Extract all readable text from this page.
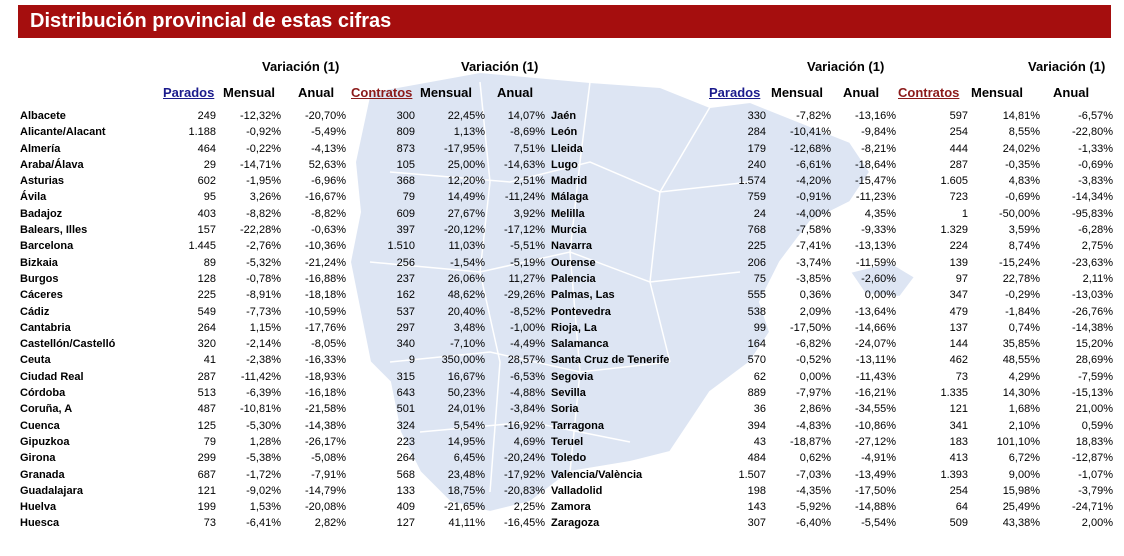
Distribución provincial de estas cifras
Variación (1)	Variación (1)	Variación (1)	Variación (1)
Parados Mensual Anual Contratos Mensual Anual	Parados Mensual Anual Contratos Mensual Anual
Albacete	249 -12,32% -20,70%	300	22,45% 14,07% Jaén	330	-7,82% -13,16%	597	14,81%	-6,57%
Alicante/Alacant	1.188	-0,92%	-5,49%	809	1,13% -8,69% León	284 -10,41%	-9,84%	254	8,55%	-22,80%
Almería	464	-0,22%	-4,13%	873	-17,95%	7,51% Lleida	179 -12,68%	-8,21%	444	24,02%	-1,33%
Araba/Álava	29 -14,71%	52,63%	105	25,00% -14,63% Lugo	240	-6,61% -18,64%	287	-0,35%	-0,69%
Asturias	602	-1,95%	-6,96%	368	12,20%	2,51% Madrid	1.574	-4,20% -15,47%	1.605	4,83%	-3,83%
Ávila	95	3,26% -16,67%	79	14,49% -11,24% Málaga	759	-0,91% -11,23%	723	-0,69%	-14,34%
Badajoz	403	-8,82%	-8,82%	609	27,67%	3,92% Melilla	24	-4,00%	4,35%	1	-50,00%	-95,83%
Balears, Illes	157 -22,28%	-0,63%	397	-20,12% -17,12% Murcia	768	-7,58%	-9,33%	1.329	3,59%	-6,28%
Barcelona	1.445	-2,76% -10,36%	1.510	11,03% -5,51% Navarra	225	-7,41% -13,13%	224	8,74%	2,75%
Bizkaia	89	-5,32% -21,24%	256	-1,54% -5,19% Ourense	206	-3,74% -11,59%	139	-15,24%	-23,63%
Burgos	128	-0,78% -16,88%	237	26,06% 11,27% Palencia	75	-3,85%	-2,60%	97	22,78%	2,11%
Cáceres	225	-8,91% -18,18%	162	48,62% -29,26% Palmas, Las	555	0,36%	0,00%	347	-0,29%	-13,03%
Cádiz	549	-7,73% -10,59%	537	20,40% -8,52% Pontevedra	538	2,09% -13,64%	479	-1,84%	-26,76%
Cantabria	264	1,15% -17,76%	297	3,48% -1,00% Rioja, La	99 -17,50% -14,66%	137	0,74%	-14,38%
Castellón/Castelló	320	-2,14%	-8,05%	340	-7,10% -4,49% Salamanca	164	-6,82% -24,07%	144	35,85%	15,20%
Ceuta	41	-2,38% -16,33%	9 350,00% 28,57% Santa Cruz de Tenerife	570	-0,52% -13,11%	462	48,55%	28,69%
Ciudad Real	287 -11,42% -18,93%	315	16,67% -6,53% Segovia	62	0,00% -11,43%	73	4,29%	-7,59%
Córdoba	513	-6,39% -16,18%	643	50,23% -4,88% Sevilla	889	-7,97% -16,21%	1.335	14,30%	-15,13%
Coruña, A	487 -10,81% -21,58%	501	24,01% -3,84% Soria	36	2,86% -34,55%	121	1,68%	21,00%
Cuenca	125	-5,30% -14,38%	324	5,54% -16,92% Tarragona	394	-4,83% -10,86%	341	2,10%	0,59%
Gipuzkoa	79	1,28% -26,17%	223	14,95%	4,69% Teruel	43 -18,87% -27,12%	183	101,10%	18,83%
Girona	299	-5,38%	-5,08%	264	6,45% -20,24% Toledo	484	0,62%	-4,91%	413	6,72%	-12,87%
Granada	687	-1,72%	-7,91%	568	23,48% -17,92% Valencia/València	1.507	-7,03% -13,49%	1.393	9,00%	-1,07%
Guadalajara	121	-9,02% -14,79%	133	18,75% -20,83% Valladolid	198	-4,35% -17,50%	254	15,98%	-3,79%
Huelva	199	1,53% -20,08%	409	-21,65%	2,25% Zamora	143	-5,92% -14,88%	64	25,49%	-24,71%
Huesca	73	-6,41%	2,82%	127	41,11% -16,45% Zaragoza	307	-6,40%	-5,54%	509	43,38%	2,00%
